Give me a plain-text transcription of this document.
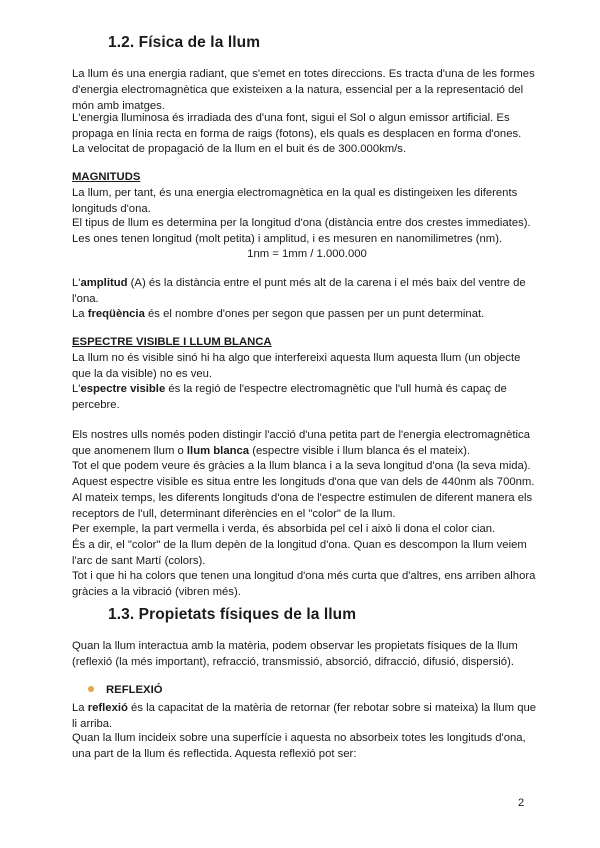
1.2. Física de la llum

La llum és una energia radiant, que s'emet en totes direccions. Es tracta d'una de les formes d'energia electromagnètica que existeixen a la natura, essencial per a la representació del món amb imatges.

L'energia lluminosa és irradiada des d'una font, sigui el Sol o algun emissor artificial. Es propaga en línia recta en forma de raigs (fotons), els quals es desplacen en forma d'ones.

La velocitat de propagació de la llum en el buit és de 300.000km/s.

MAGNITUDS

La llum, per tant, és una energia electromagnètica en la qual es distingeixen les diferents longituds d'ona.

El tipus de llum es determina per la longitud d'ona (distància entre dos crestes immediates).

Les ones tenen longitud (molt petita) i amplitud, i es mesuren en nanomilimetres (nm).

1nm = 1mm / 1.000.000

L'amplitud (A) és la distància entre el punt més alt de la carena i el més baix del ventre de l'ona.

La freqüència és el nombre d'ones per segon que passen per un punt determinat.

ESPECTRE VISIBLE I LLUM BLANCA

La llum no és visible sinó hi ha algo que interfereixi aquesta llum aquesta llum (un objecte que la da visible) no es veu.

L'espectre visible és la regió de l'espectre electromagnètic que l'ull humà és capaç de percebre.

Els nostres ulls només poden distingir l'acció d'una petita part de l'energia electromagnètica que anomenem llum o llum blanca (espectre visible i llum blanca és el mateix).

Tot el que podem veure és gràcies a la llum blanca i a la seva longitud d'ona (la seva mida).

Aquest espectre visible es situa entre les longituds d'ona que van dels de 440nm als 700nm.

Al mateix temps, les diferents longituds d'ona de l'espectre estimulen de diferent manera els receptors de l'ull, determinant diferències en el "color" de la llum.

Per exemple, la part vermella i verda, és absorbida pel cel i això li dona el color cian.

És a dir, el "color" de la llum depèn de la longitud d'ona. Quan es descompon la llum veiem l'arc de sant Martí (colors).

Tot i que hi ha colors que tenen una longitud d'ona més curta que d'altres, ens arriben alhora gràcies a la vibració (vibren més).

1.3. Propietats físiques de la llum

Quan la llum interactua amb la matèria, podem observar les propietats físiques de la llum (reflexió (la més important), refracció, transmissió, absorció, difracció, difusió, dispersió).

REFLEXIÓ

La reflexió és la capacitat de la matèria de retornar (fer rebotar sobre si mateixa) la llum que li arriba.

Quan la llum incideix sobre una superfície i aquesta no absorbeix totes les longituds d'ona, una part de la llum és reflectida. Aquesta reflexió pot ser:

2
